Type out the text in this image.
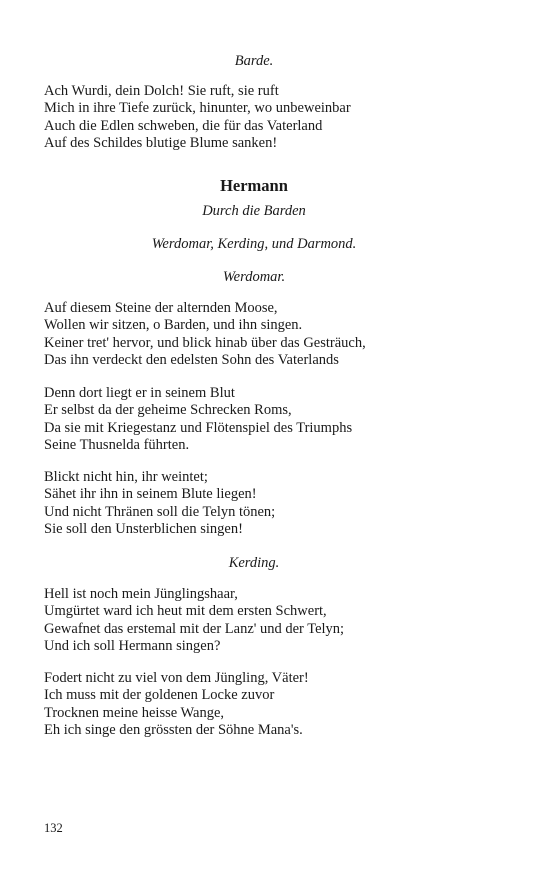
Barde.

Ach Wurdi, dein Dolch! Sie ruft, sie ruft
Mich in ihre Tiefe zurück, hinunter, wo unbeweinbar
Auch die Edlen schweben, die für das Vaterland
Auf des Schildes blutige Blume sanken!
Hermann

Durch die Barden

Werdomar, Kerding, und Darmond.

Werdomar.

Auf diesem Steine der alternden Moose,
Wollen wir sitzen, o Barden, und ihn singen.
Keiner tret' hervor, und blick hinab über das Gesträuch,
Das ihn verdeckt den edelsten Sohn des Vaterlands
Denn dort liegt er in seinem Blut
Er selbst da der geheime Schrecken Roms,
Da sie mit Kriegestanz und Flötenspiel des Triumphs
Seine Thusnelda führten.
Blickt nicht hin, ihr weintet;
Sähet ihr ihn in seinem Blute liegen!
Und nicht Thränen soll die Telyn tönen;
Sie soll den Unsterblichen singen!

Kerding.

Hell ist noch mein Jünglingshaar,
Umgürtet ward ich heut mit dem ersten Schwert,
Gewafnet das erstemal mit der Lanz' und der Telyn;
Und ich soll Hermann singen?
Fodert nicht zu viel von dem Jüngling, Väter!
Ich muss mit der goldenen Locke zuvor
Trocknen meine heisse Wange,
Eh ich singe den grössten der Söhne Mana's.

132
